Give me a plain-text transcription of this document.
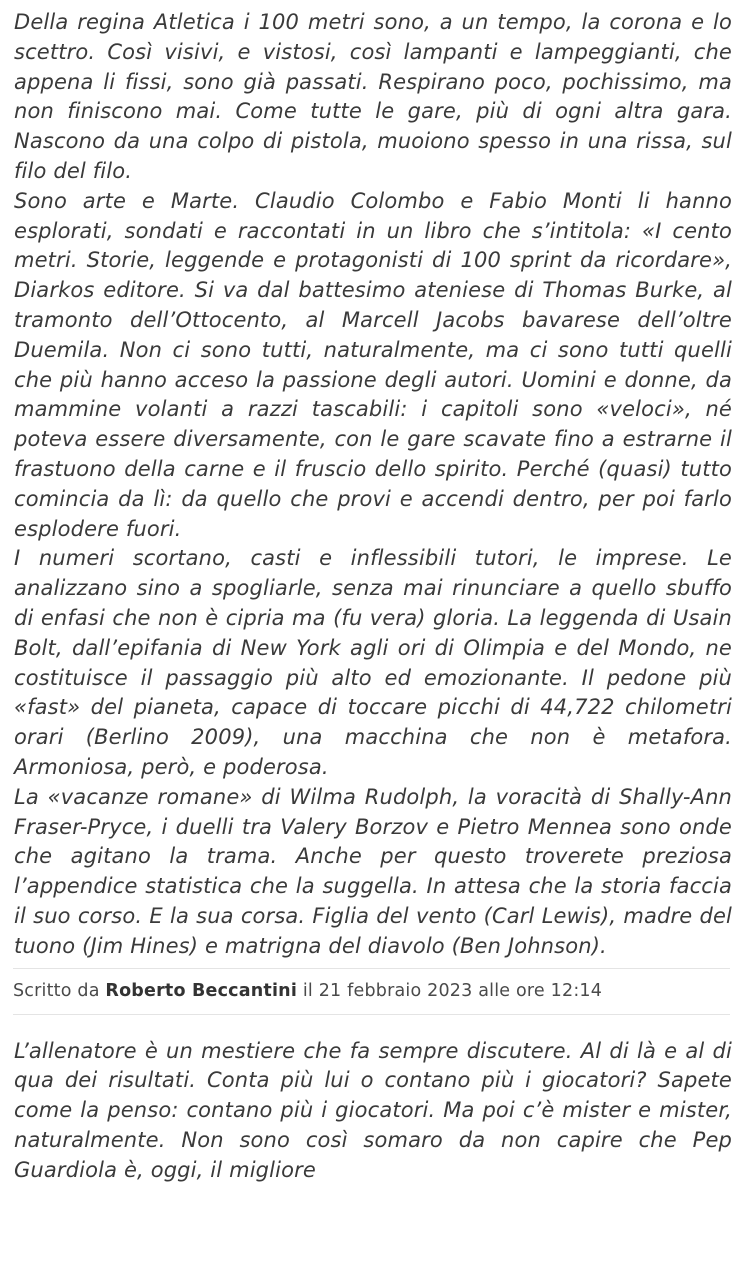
Della regina Atletica i 100 metri sono, a un tempo, la corona e lo scettro. Così visivi, e vistosi, così lampanti e lampeggianti, che appena li fissi, sono già passati. Respirano poco, pochissimo, ma non finiscono mai. Come tutte le gare, più di ogni altra gara. Nascono da una colpo di pistola, muoiono spesso in una rissa, sul filo del filo.

Sono arte e Marte. Claudio Colombo e Fabio Monti li hanno esplorati, sondati e raccontati in un libro che s’intitola: «I cento metri. Storie, leggende e protagonisti di 100 sprint da ricordare», Diarkos editore. Si va dal battesimo ateniese di Thomas Burke, al tramonto dell’Ottocento, al Marcell Jacobs bavarese dell’oltre Duemila. Non ci sono tutti, naturalmente, ma ci sono tutti quelli che più hanno acceso la passione degli autori. Uomini e donne, da mammine volanti a razzi tascabili: i capitoli sono «veloci», né poteva essere diversamente, con le gare scavate fino a estrarne il frastuono della carne e il fruscio dello spirito. Perché (quasi) tutto comincia da lì: da quello che provi e accendi dentro, per poi farlo esplodere fuori.

I numeri scortano, casti e inflessibili tutori, le imprese. Le analizzano sino a spogliarle, senza mai rinunciare a quello sbuffo di enfasi che non è cipria ma (fu vera) gloria. La leggenda di Usain Bolt, dall’epifania di New York agli ori di Olimpia e del Mondo, ne costituisce il passaggio più alto ed emozionante. Il pedone più «fast» del pianeta, capace di toccare picchi di 44,722 chilometri orari (Berlino 2009), una macchina che non è metafora. Armoniosa, però, e poderosa.

La «vacanze romane» di Wilma Rudolph, la voracità di Shally-Ann Fraser-Pryce, i duelli tra Valery Borzov e Pietro Mennea sono onde che agitano la trama. Anche per questo troverete preziosa l’appendice statistica che la suggella. In attesa che la storia faccia il suo corso. E la sua corsa. Figlia del vento (Carl Lewis), madre del tuono (Jim Hines) e matrigna del diavolo (Ben Johnson).

Scritto da Roberto Beccantini il 21 febbraio 2023 alle ore 12:14

L’allenatore è un mestiere che fa sempre discutere. Al di là e al di qua dei risultati. Conta più lui o contano più i giocatori? Sapete come la penso: contano più i giocatori. Ma poi c’è mister e mister, naturalmente. Non sono così somaro da non capire che Pep Guardiola è, oggi, il migliore
